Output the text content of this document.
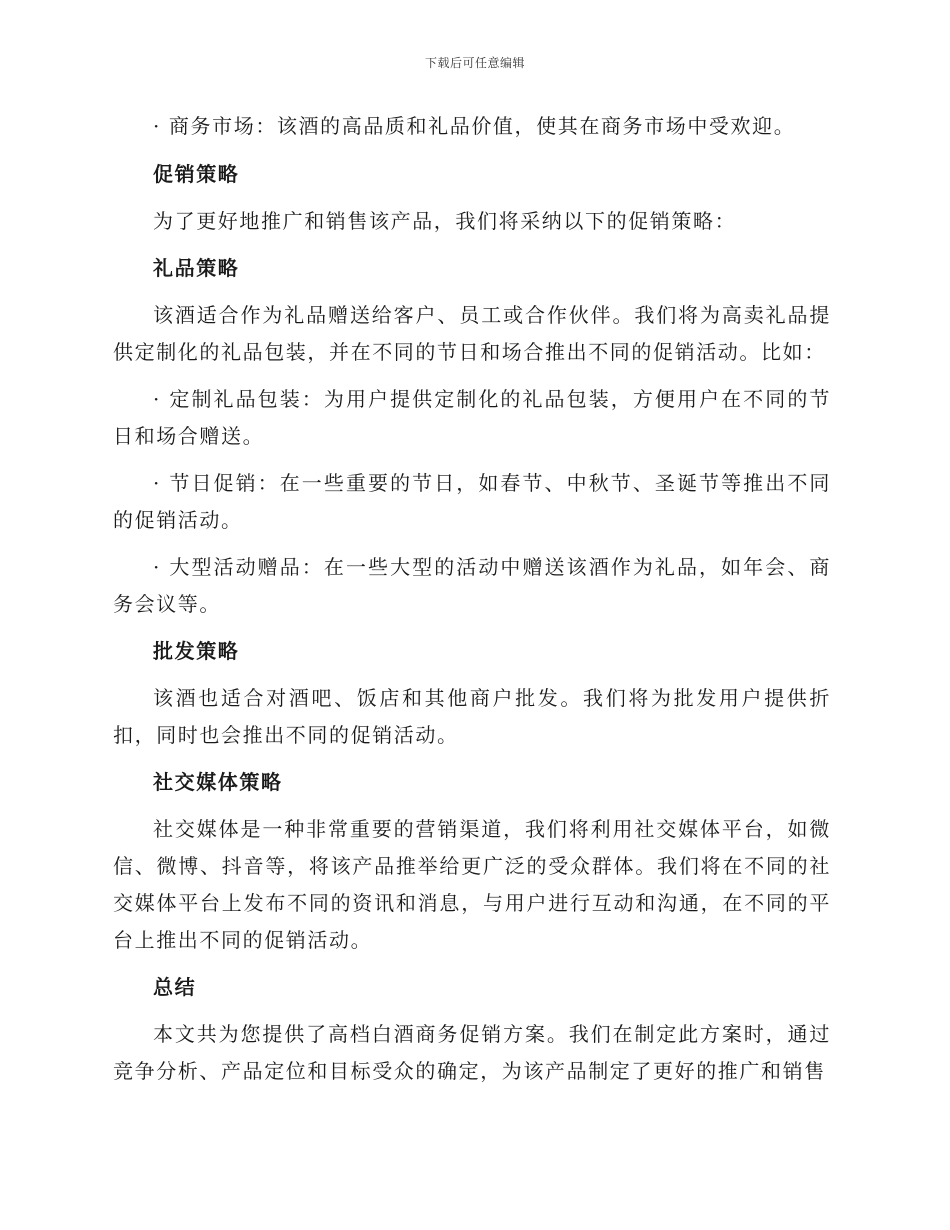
下载后可任意编辑

· 商务市场：该酒的高品质和礼品价值，使其在商务市场中受欢迎。

促销策略

为了更好地推广和销售该产品，我们将采纳以下的促销策略：

礼品策略

该酒适合作为礼品赠送给客户、员工或合作伙伴。我们将为高卖礼品提供定制化的礼品包装，并在不同的节日和场合推出不同的促销活动。比如：

· 定制礼品包装：为用户提供定制化的礼品包装，方便用户在不同的节日和场合赠送。

· 节日促销：在一些重要的节日，如春节、中秋节、圣诞节等推出不同的促销活动。

· 大型活动赠品：在一些大型的活动中赠送该酒作为礼品，如年会、商务会议等。

批发策略

该酒也适合对酒吧、饭店和其他商户批发。我们将为批发用户提供折扣，同时也会推出不同的促销活动。

社交媒体策略

社交媒体是一种非常重要的营销渠道，我们将利用社交媒体平台，如微信、微博、抖音等，将该产品推举给更广泛的受众群体。我们将在不同的社交媒体平台上发布不同的资讯和消息，与用户进行互动和沟通，在不同的平台上推出不同的促销活动。

总结

本文共为您提供了高档白酒商务促销方案。我们在制定此方案时，通过竞争分析、产品定位和目标受众的确定，为该产品制定了更好的推广和销售
